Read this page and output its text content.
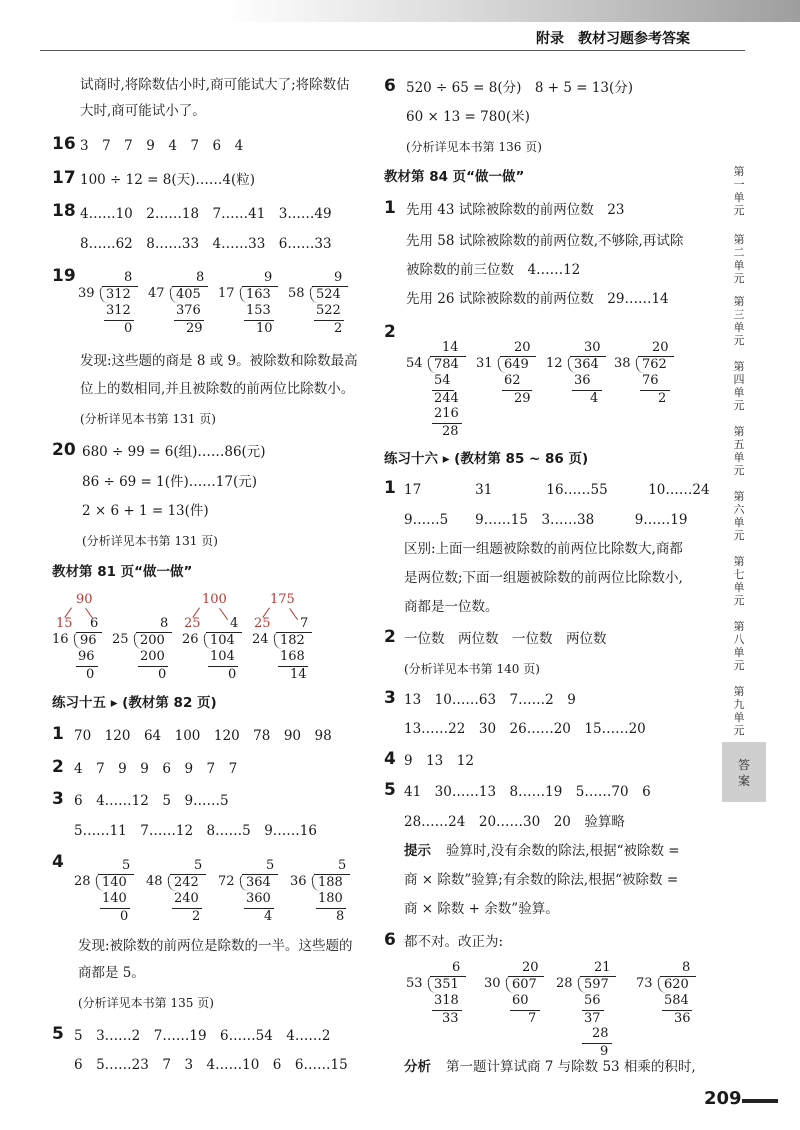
附录　教材习题参考答案
试商时,将除数估小时,商可能试大了;将除数估
大时,商可能试小了。
16 3　7　7　9　4　7　6　4
17 100 ÷ 12 = 8(天)……4(粒)
18 4……10　2……18　7……41　3……49
8……62　8……33　4……33　6……33
19	8
39 312
312
0
8
47 405
376
29
9
17 163
153
10
9
58 524
522
2
发现:这些题的商是 8 或 9。被除数和除数最高
位上的数相同,并且被除数的前两位比除数小。
(分析详见本书第 131 页)
20 680 ÷ 99 = 6(组)……86(元)
86 ÷ 69 = 1(件)……17(元)
2 × 6 + 1 = 13(件)
(分析详见本书第 131 页)
教材第 81 页“做一做”
90
15 6
16 96
96
0
8
25 200
200
0
100
25 4
26 104
104
0
175
25 7
24 182
168
14
练习十五 ▸ (教材第 82 页)
1 70　120　64　100　120　78　90　98
2 4　7　9　9　6　9　7　7
3 6　4……12　5　9……5
5……11　7……12　8……5　9……16
4	5
28 140
140
0
5
48 242
240
2
5
72 364
360
4
5
36 188
180
8
发现:被除数的前两位是除数的一半。这些题的
商都是 5。
(分析详见本书第 135 页)
5 5　3……2　7……19　6……54　4……2
6　5……23　7　3　4……10　6　6……15
6 520 ÷ 65 = 8(分)　8 + 5 = 13(分)
60 × 13 = 780(米)
(分析详见本书第 136 页)
教材第 84 页“做一做”
1 先用 43 试除被除数的前两位数　23
先用 58 试除被除数的前两位数,不够除,再试除
被除数的前三位数　4……12
先用 26 试除被除数的前两位数　29……14
2
14
54 784
54
244
216
28
20
31 649
62
29
30
12 364
36
4
20
38 762
76
2
练习十六 ▸ (教材第 85 ~ 86 页)
1 17　　　　31　　　　16……55　　　10……24
9……5　　9……15　3……38　　　9……19
区别:上面一组题被除数的前两位比除数大,商都
是两位数;下面一组题被除数的前两位比除数小,
商都是一位数。
2 一位数　两位数　一位数　两位数
(分析详见本书第 140 页)
3 13　10……63　7……2　9
13……22　30　26……20　15……20
4 9　13　12
5 41　30……13　8……19　5……70　6
28……24　20……30　20　验算略
提示 验算时,没有余数的除法,根据“被除数 =
商 × 除数”验算;有余数的除法,根据“被除数 =
商 × 除数 + 余数”验算。
6 都不对。改正为:
6
53 351
318
33
20
30 607
60
7
21
28 597
56
37
28
9
8
73 620
584
36
分析 第一题计算试商 7 与除数 53 相乘的积时,
第
一
单
元
第
二
单
元
第
三
单
元
第
四
单
元
第
五
单
元
第
六
单
元
第
七
单
元
第
八
单
元
第
九
单
元
答
案
209
